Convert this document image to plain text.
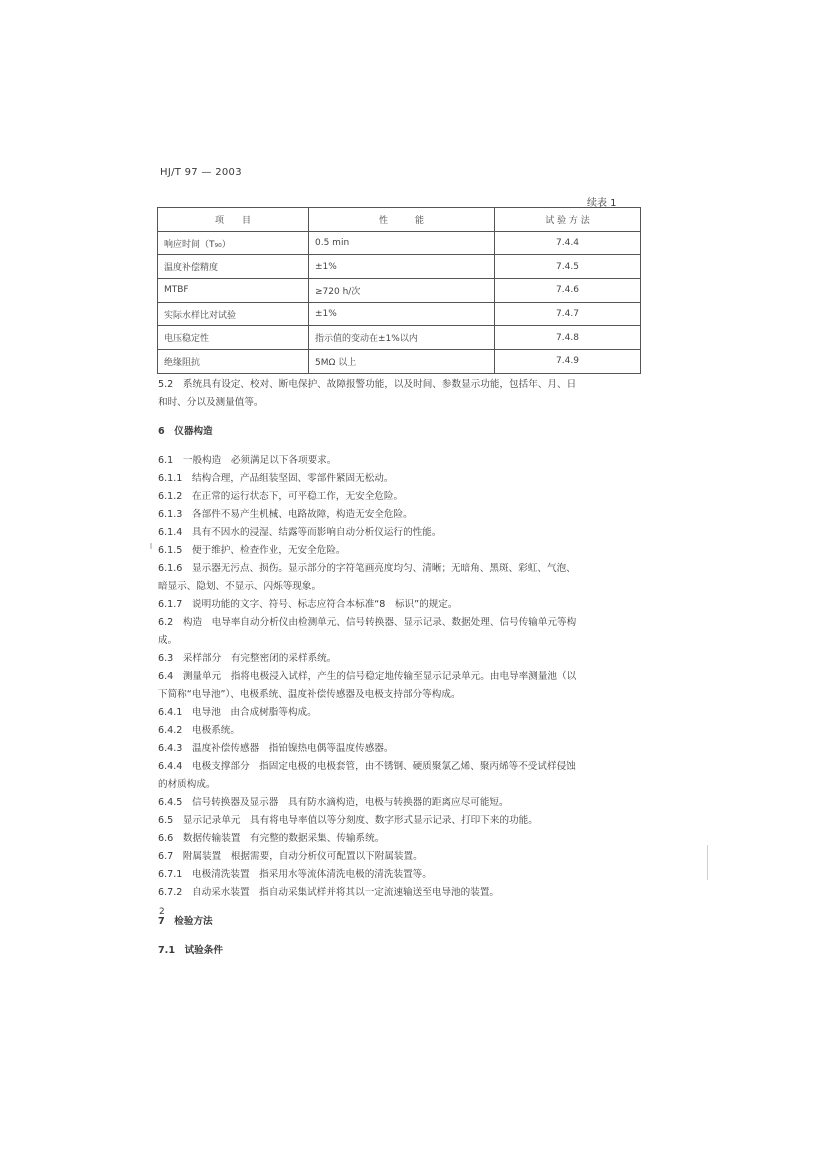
HJ/T 97 — 2003
续表 1
项　　目	性　　　能	试 验 方 法
响应时间（T₉₀）	0.5 min	7.4.4
温度补偿精度	±1%	7.4.5
MTBF	≥720 h/次	7.4.6
实际水样比对试验	±1%	7.4.7
电压稳定性	指示值的变动在±1%以内	7.4.8
绝缘阻抗	5MΩ 以上	7.4.9
5.2　系统具有设定、校对、断电保护、故障报警功能，以及时间、参数显示功能，包括年、月、日
和时、分以及测量值等。
6　仪器构造
6.1　一般构造　必须满足以下各项要求。
6.1.1　结构合理，产品组装坚固、零部件紧固无松动。
6.1.2　在正常的运行状态下，可平稳工作，无安全危险。
6.1.3　各部件不易产生机械、电路故障，构造无安全危险。
6.1.4　具有不因水的浸湿、结露等而影响自动分析仪运行的性能。
6.1.5　便于维护、检查作业，无安全危险。
6.1.6　显示器无污点、损伤。显示部分的字符笔画亮度均匀、清晰；无暗角、黑斑、彩虹、气泡、
暗显示、隐划、不显示、闪烁等现象。
6.1.7　说明功能的文字、符号、标志应符合本标准“8　标识”的规定。
6.2　构造　电导率自动分析仪由检测单元、信号转换器、显示记录、数据处理、信号传输单元等构
成。
6.3　采样部分　有完整密闭的采样系统。
6.4　测量单元　指将电极浸入试样，产生的信号稳定地传输至显示记录单元。由电导率测量池（以
下简称“电导池”）、电极系统、温度补偿传感器及电极支持部分等构成。
6.4.1　电导池　由合成树脂等构成。
6.4.2　电极系统。
6.4.3　温度补偿传感器　指铂镍热电偶等温度传感器。
6.4.4　电极支撑部分　指固定电极的电极套管，由不锈钢、硬质聚氯乙烯、聚丙烯等不受试样侵蚀
的材质构成。
6.4.5　信号转换器及显示器　具有防水滴构造，电极与转换器的距离应尽可能短。
6.5　显示记录单元　具有将电导率值以等分刻度、数字形式显示记录、打印下来的功能。
6.6　数据传输装置　有完整的数据采集、传输系统。
6.7　附属装置　根据需要，自动分析仪可配置以下附属装置。
6.7.1　电极清洗装置　指采用水等流体清洗电极的清洗装置等。
6.7.2　自动采水装置　指自动采集试样并将其以一定流速输送至电导池的装置。
7　检验方法
7.1　试验条件
2
